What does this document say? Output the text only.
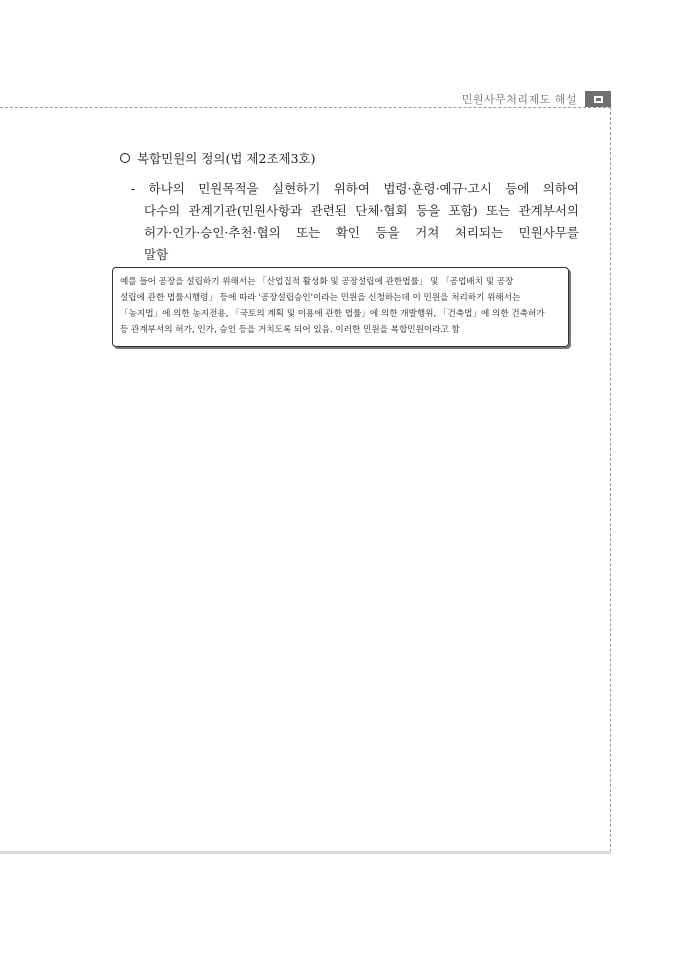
민원사무처리제도 해설
복합민원의 정의(법 제2조제3호)
- 하나의 민원목적을 실현하기 위하여 법령·훈령·예규·고시 등에 의하여
다수의 관계기관(민원사항과 관련된 단체·협회 등을 포함) 또는 관계부서의
허가·인가·승인·추천·협의 또는 확인 등을 거쳐 처리되는 민원사무를
말함
예를 들어 공장을 설립하기 위해서는 「산업집적 활성화 및 공장설립에 관한법률」 및 「공업배치 및 공장
설립에 관한 법률시행령」 등에 따라 '공장설립승인'이라는 민원을 신청하는데 이 민원을 처리하기 위해서는
「농지법」에 의한 농지전용, 「국토의 계획 및 이용에 관한 법률」에 의한 개발행위, 「건축법」에 의한 건축허가
등 관계부서의 허가, 인가, 승인 등을 거치도록 되어 있음. 이러한 민원을 복합민원이라고 함
